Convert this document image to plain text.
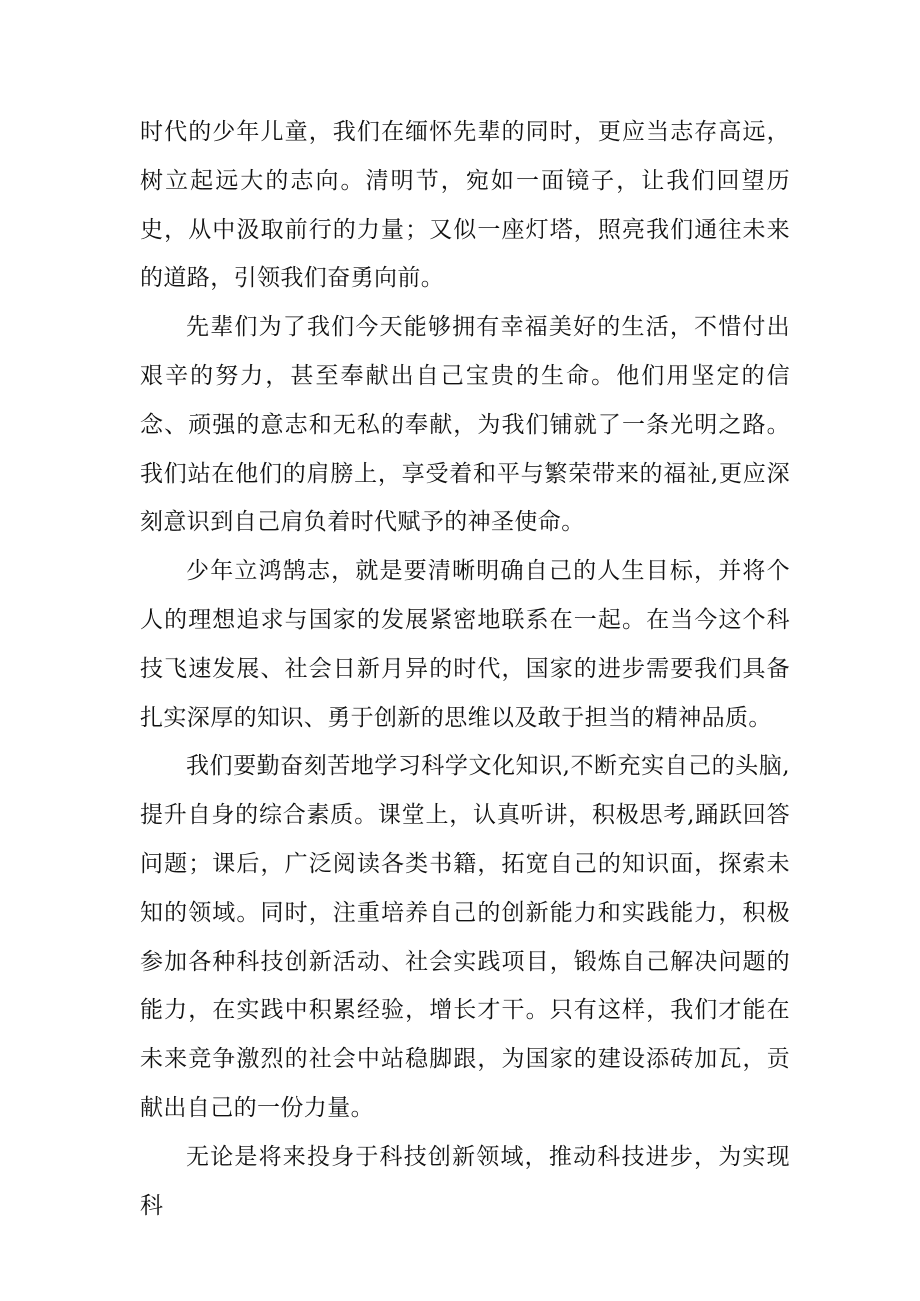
时代的少年儿童，我们在缅怀先辈的同时，更应当志存高远，树立起远大的志向。清明节，宛如一面镜子，让我们回望历史，从中汲取前行的力量；又似一座灯塔，照亮我们通往未来的道路，引领我们奋勇向前。

先辈们为了我们今天能够拥有幸福美好的生活，不惜付出艰辛的努力，甚至奉献出自己宝贵的生命。他们用坚定的信念、顽强的意志和无私的奉献，为我们铺就了一条光明之路。我们站在他们的肩膀上，享受着和平与繁荣带来的福祉,更应深刻意识到自己肩负着时代赋予的神圣使命。

少年立鸿鹄志，就是要清晰明确自己的人生目标，并将个人的理想追求与国家的发展紧密地联系在一起。在当今这个科技飞速发展、社会日新月异的时代，国家的进步需要我们具备扎实深厚的知识、勇于创新的思维以及敢于担当的精神品质。

我们要勤奋刻苦地学习科学文化知识,不断充实自己的头脑,提升自身的综合素质。课堂上，认真听讲，积极思考,踊跃回答问题；课后，广泛阅读各类书籍，拓宽自己的知识面，探索未知的领域。同时，注重培养自己的创新能力和实践能力，积极参加各种科技创新活动、社会实践项目，锻炼自己解决问题的能力，在实践中积累经验，增长才干。只有这样，我们才能在未来竞争激烈的社会中站稳脚跟，为国家的建设添砖加瓦，贡献出自己的一份力量。

无论是将来投身于科技创新领域，推动科技进步，为实现科
